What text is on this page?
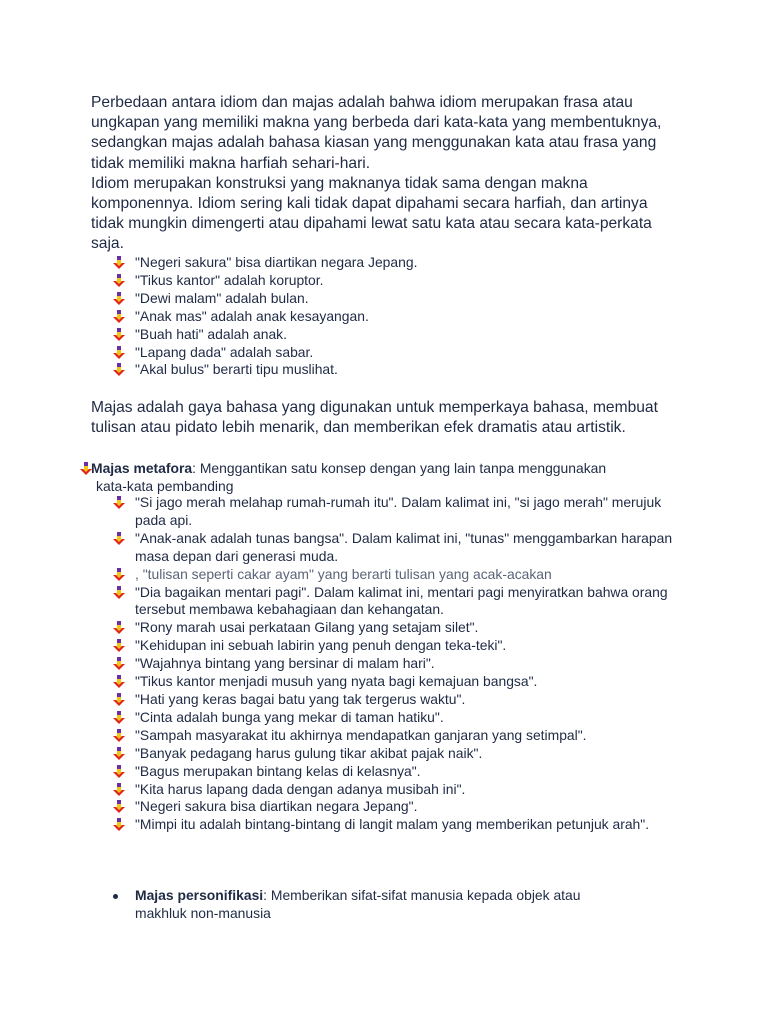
Perbedaan antara idiom dan majas adalah bahwa idiom merupakan frasa atau ungkapan yang memiliki makna yang berbeda dari kata-kata yang membentuknya, sedangkan majas adalah bahasa kiasan yang menggunakan kata atau frasa yang tidak memiliki makna harfiah sehari-hari.
Idiom merupakan konstruksi yang maknanya tidak sama dengan makna komponennya. Idiom sering kali tidak dapat dipahami secara harfiah, dan artinya tidak mungkin dimengerti atau dipahami lewat satu kata atau secara kata-perkata saja.
"Negeri sakura" bisa diartikan negara Jepang.
"Tikus kantor" adalah koruptor.
"Dewi malam" adalah bulan.
"Anak mas" adalah anak kesayangan.
"Buah hati" adalah anak.
"Lapang dada" adalah sabar.
"Akal bulus" berarti tipu muslihat.
Majas adalah gaya bahasa yang digunakan untuk memperkaya bahasa, membuat tulisan atau pidato lebih menarik, dan memberikan efek dramatis atau artistik.
Majas metafora: Menggantikan satu konsep dengan yang lain tanpa menggunakan
kata-kata pembanding
"Si jago merah melahap rumah-rumah itu". Dalam kalimat ini, "si jago merah" merujuk pada api.
"Anak-anak adalah tunas bangsa". Dalam kalimat ini, "tunas" menggambarkan harapan masa depan dari generasi muda.
, "tulisan seperti cakar ayam" yang berarti tulisan yang acak-acakan
"Dia bagaikan mentari pagi". Dalam kalimat ini, mentari pagi menyiratkan bahwa orang tersebut membawa kebahagiaan dan kehangatan.
"Rony marah usai perkataan Gilang yang setajam silet".
"Kehidupan ini sebuah labirin yang penuh dengan teka-teki".
"Wajahnya bintang yang bersinar di malam hari".
"Tikus kantor menjadi musuh yang nyata bagi kemajuan bangsa".
"Hati yang keras bagai batu yang tak tergerus waktu".
"Cinta adalah bunga yang mekar di taman hatiku".
"Sampah masyarakat itu akhirnya mendapatkan ganjaran yang setimpal".
"Banyak pedagang harus gulung tikar akibat pajak naik".
"Bagus merupakan bintang kelas di kelasnya".
"Kita harus lapang dada dengan adanya musibah ini".
"Negeri sakura bisa diartikan negara Jepang".
"Mimpi itu adalah bintang-bintang di langit malam yang memberikan petunjuk arah".
Majas personifikasi: Memberikan sifat-sifat manusia kepada objek atau makhluk non-manusia
